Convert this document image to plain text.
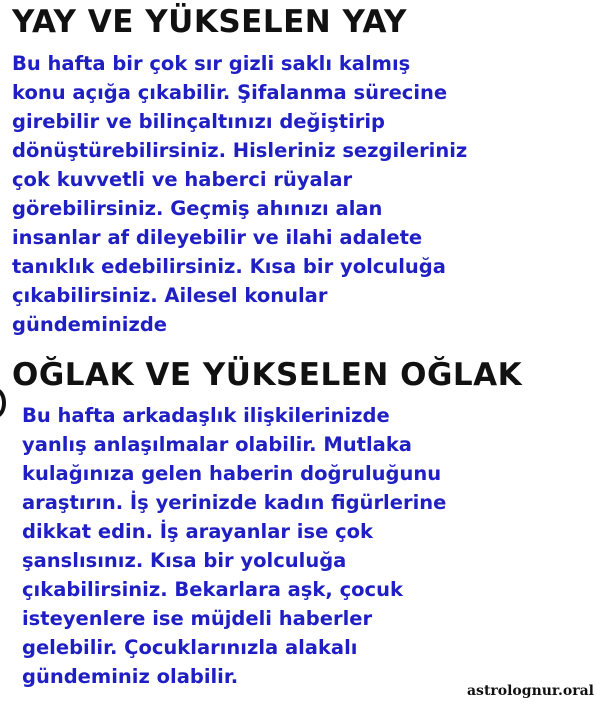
YAY VE YÜKSELEN YAY
Bu hafta bir çok sır gizli saklı kalmış
konu açığa çıkabilir. Şifalanma sürecine
girebilir ve bilinçaltınızı değiştirip
dönüştürebilirsiniz. Hisleriniz sezgileriniz
çok kuvvetli ve haberci rüyalar
görebilirsiniz. Geçmiş ahınızı alan
insanlar af dileyebilir ve ilahi adalete
tanıklık edebilirsiniz. Kısa bir yolculuğa
çıkabilirsiniz. Ailesel konular
gündeminizde
OĞLAK VE YÜKSELEN OĞLAK
Bu hafta arkadaşlık ilişkilerinizde
yanlış anlaşılmalar olabilir. Mutlaka
kulağınıza gelen haberin doğruluğunu
araştırın. İş yerinizde kadın figürlerine
dikkat edin. İş arayanlar ise çok
şanslısınız. Kısa bir yolculuğa
çıkabilirsiniz. Bekarlara aşk, çocuk
isteyenlere ise müjdeli haberler
gelebilir. Çocuklarınızla alakalı
gündeminiz olabilir.
astrolognur.oral
